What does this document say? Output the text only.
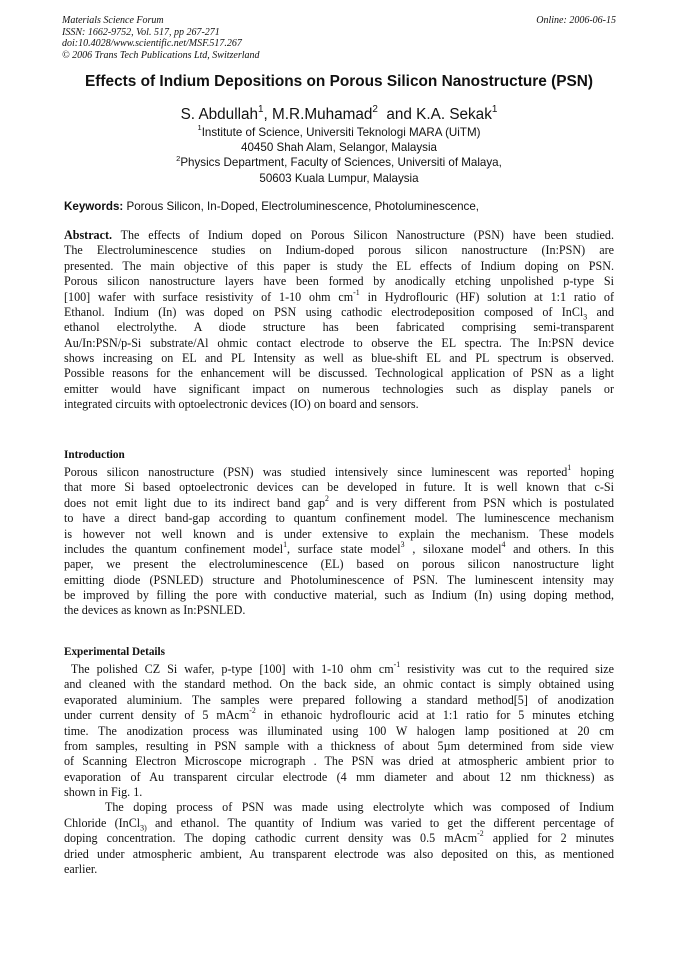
Materials Science Forum
ISSN: 1662-9752, Vol. 517, pp 267-271
doi:10.4028/www.scientific.net/MSF.517.267
© 2006 Trans Tech Publications Ltd, Switzerland
Online: 2006-06-15
Effects of Indium Depositions on Porous Silicon Nanostructure (PSN)
S. Abdullah$^1$, M.R.Muhamad$^2$  and K.A. Sekak$^1$
$^1$Institute of Science, Universiti Teknologi MARA (UiTM)
40450 Shah Alam, Selangor, Malaysia
$^2$Physics Department, Faculty of Sciences, Universiti of Malaya,
50603 Kuala Lumpur, Malaysia
Keywords: Porous Silicon, In-Doped, Electroluminescence, Photoluminescence,

Abstract. The effects of Indium doped on Porous Silicon Nanostructure (PSN) have been studied.
The Electroluminescence studies on Indium-doped porous silicon nanostructure (In:PSN) are
presented. The main objective of this paper is study the EL effects of Indium doping on PSN.
Porous silicon nanostructure layers have been formed by anodically etching unpolished p-type Si
[100] wafer with surface resistivity of 1-10 ohm $cm^{-1}$ in Hydroflouric (HF) solution at 1:1 ratio of
Ethanol. Indium (In) was doped on PSN using cathodic electrodeposition composed of InCl$_3$ and
ethanol electrolythe. A diode structure has been fabricated comprising semi-transparent
Au/In:PSN/p-Si substrate/Al ohmic contact electrode to observe the EL spectra. The In:PSN device
shows increasing on EL and PL Intensity as well as blue-shift EL and PL spectrum is observed.
Possible reasons for the enhancement will be discussed. Technological application of PSN as a light
emitter would have significant impact on numerous technologies such as display panels or
integrated circuits with optoelectronic devices (IO) on board and sensors.

Introduction

Porous silicon nanostructure (PSN) was studied intensively since luminescent was reported$^1$ hoping
that more Si based optoelectronic devices can be developed in future. It is well known that c-Si
does not emit light due to its indirect band gap$^2$ and is very different from PSN which is postulated
to have a direct band-gap according to quantum confinement model. The luminescence mechanism
is however not well known and is under extensive to explain the mechanism. These models
includes the quantum confinement model$^1$, surface state model$^3$ , siloxane model$^4$ and others. In this
paper, we present the electroluminescence (EL) based on porous silicon nanostructure light
emitting diode (PSNLED) structure and Photoluminescence of PSN. The luminescent intensity may
be improved by filling the pore with conductive material, such as Indium (In) using doping method,
the devices as known as In:PSNLED.

Experimental Details

The polished CZ Si wafer, p-type [100] with 1-10 ohm $cm^{-1}$ resistivity was cut to the required size
and cleaned with the standard method. On the back side, an ohmic contact is simply obtained using
evaporated aluminium. The samples were prepared following a standard method[5] of anodization
under current density of 5 mAcm$^{-2}$ in ethanoic hydroflouric acid at 1:1 ratio for 5 minutes etching
time. The anodization process was illuminated using 100 W halogen lamp positioned at 20 cm
from samples, resulting in PSN sample with a thickness of about 5µm determined from side view
of Scanning Electron Microscope micrograph . The PSN was dried at atmospheric ambient prior to
evaporation of Au transparent circular electrode (4 mm diameter and about 12 nm thickness) as
shown in Fig. 1.

The doping process of PSN was made using electrolyte which was composed of Indium
Chloride (InCl$_{3)}$ and ethanol. The quantity of Indium was varied to get the different percentage of
doping concentration. The doping cathodic current density was 0.5 mAcm$^{-2}$ applied for 2 minutes
dried under atmospheric ambient, Au transparent electrode was also deposited on this, as mentioned
earlier.
